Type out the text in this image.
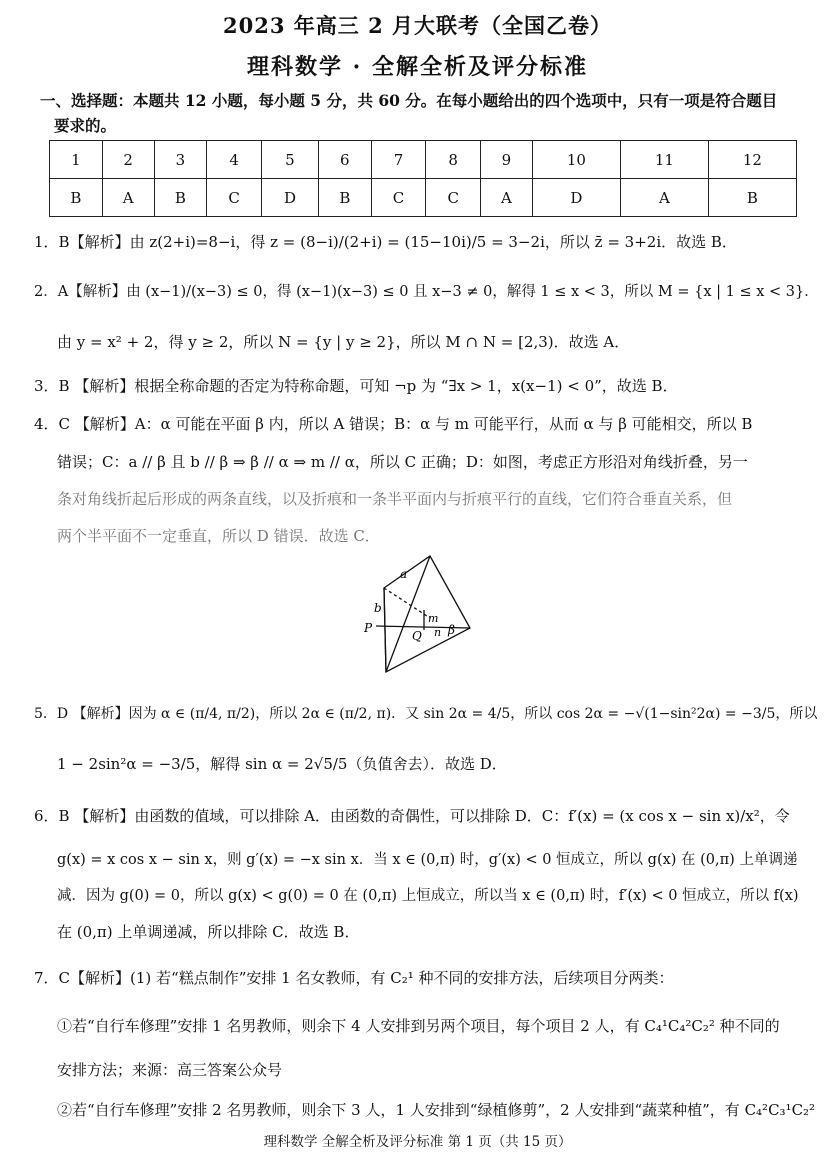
2023 年高三 2 月大联考（全国乙卷）
理科数学 · 全解全析及评分标准
一、选择题：本题共 12 小题，每小题 5 分，共 60 分。在每小题给出的四个选项中，只有一项是符合题目
要求的。
1	2	3	4	5	6	7	8	9	10	11	12
B	A	B	C	D	B	C	C	A	D	A	B
1．B【解析】由 z(2+i)=8−i，得 z = (8−i)/(2+i) = (15−10i)/5 = 3−2i，所以 z̄ = 3+2i．故选 B．
2．A【解析】由 (x−1)/(x−3) ≤ 0，得 (x−1)(x−3) ≤ 0 且 x−3 ≠ 0，解得 1 ≤ x < 3，所以 M = {x | 1 ≤ x < 3}．
由 y = x² + 2，得 y ≥ 2，所以 N = {y | y ≥ 2}，所以 M ∩ N = [2,3)．故选 A．
3．B 【解析】根据全称命题的否定为特称命题，可知 ¬p 为 “∃x > 1，x(x−1) < 0”，故选 B．
4．C 【解析】A：α 可能在平面 β 内，所以 A 错误；B：α 与 m 可能平行，从而 α 与 β 可能相交，所以 B
错误；C：a // β 且 b // β ⇒ β // α ⇒ m // α，所以 C 正确；D：如图，考虑正方形沿对角线折叠，另一
条对角线折起后形成的两条直线，以及折痕和一条半平面内与折痕平行的直线，它们符合垂直关系，但
两个半平面不一定垂直，所以 D 错误．故选 C．
a
b
P
Q
m
n β
5．D 【解析】因为 α ∈ (π/4, π/2)，所以 2α ∈ (π/2, π)．又 sin 2α = 4/5，所以 cos 2α = −√(1−sin²2α) = −3/5，所以
1 − 2sin²α = −3/5，解得 sin α = 2√5/5（负值舍去）．故选 D．
6．B 【解析】由函数的值域，可以排除 A．由函数的奇偶性，可以排除 D．C：f′(x) = (x cos x − sin x)/x²，令
g(x) = x cos x − sin x，则 g′(x) = −x sin x．当 x ∈ (0,π) 时，g′(x) < 0 恒成立，所以 g(x) 在 (0,π) 上单调递
减．因为 g(0) = 0，所以 g(x) < g(0) = 0 在 (0,π) 上恒成立，所以当 x ∈ (0,π) 时，f′(x) < 0 恒成立，所以 f(x)
在 (0,π) 上单调递减，所以排除 C．故选 B．
7．C【解析】(1) 若“糕点制作”安排 1 名女教师，有 C₂¹ 种不同的安排方法，后续项目分两类：
①若“自行车修理”安排 1 名男教师，则余下 4 人安排到另两个项目，每个项目 2 人，有 C₄¹C₄²C₂² 种不同的
安排方法；来源：高三答案公众号
②若“自行车修理”安排 2 名男教师，则余下 3 人，1 人安排到“绿植修剪”，2 人安排到“蔬菜种植”，有 C₄²C₃¹C₂²
理科数学 全解全析及评分标准 第 1 页（共 15 页）
